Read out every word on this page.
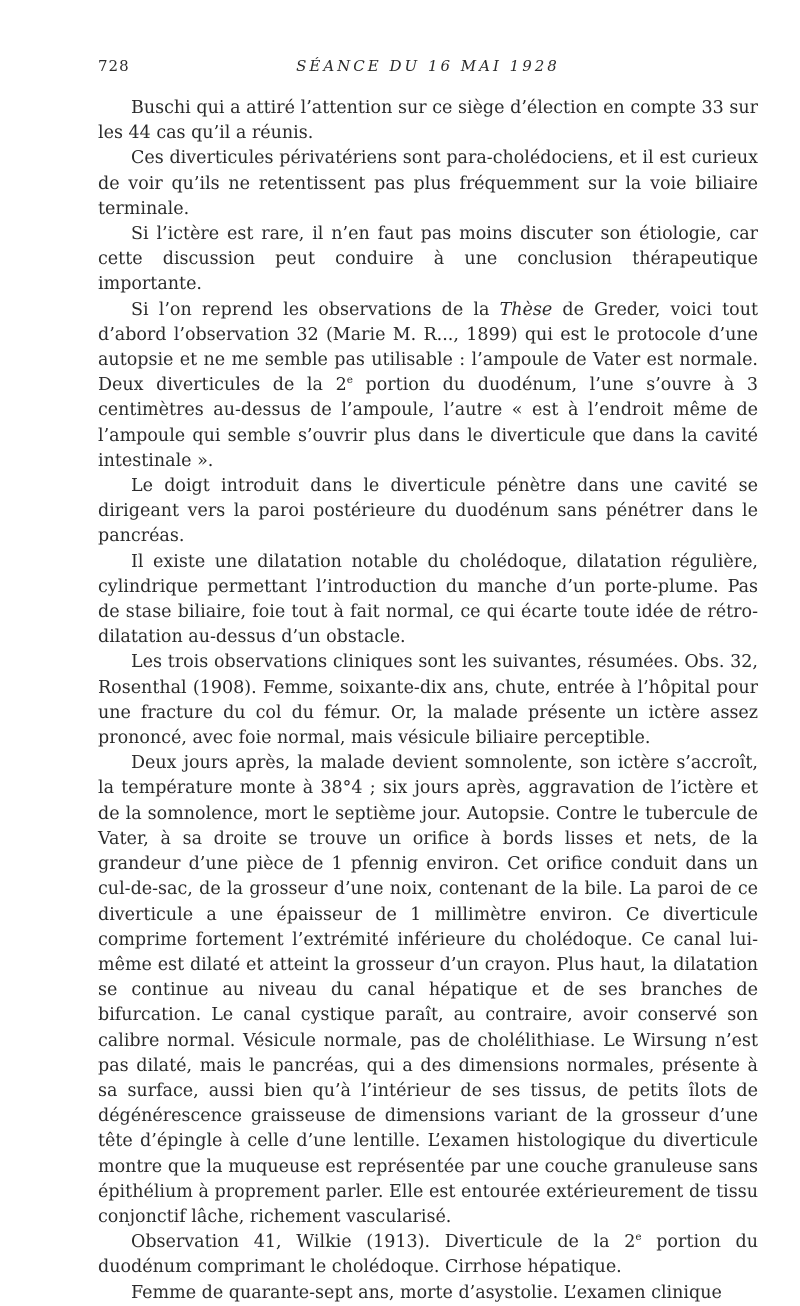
728	SÉANCE DU 16 MAI 1928

Buschi qui a attiré l’attention sur ce siège d’élection en compte 33 sur les 44 cas qu’il a réunis.

Ces diverticules périvatériens sont para-cholédociens, et il est curieux de voir qu’ils ne retentissent pas plus fréquemment sur la voie biliaire terminale.

Si l’ictère est rare, il n’en faut pas moins discuter son étiologie, car cette discussion peut conduire à une conclusion thérapeutique importante.

Si l’on reprend les observations de la Thèse de Greder, voici tout d’abord l’observation 32 (Marie M. R..., 1899) qui est le protocole d’une autopsie et ne me semble pas utilisable : l’ampoule de Vater est normale. Deux diverticules de la 2e portion du duodénum, l’une s’ouvre à 3 centimètres au-dessus de l’ampoule, l’autre « est à l’endroit même de l’ampoule qui semble s’ouvrir plus dans le diverticule que dans la cavité intestinale ».

Le doigt introduit dans le diverticule pénètre dans une cavité se dirigeant vers la paroi postérieure du duodénum sans pénétrer dans le pancréas.

Il existe une dilatation notable du cholédoque, dilatation régulière, cylindrique permettant l’introduction du manche d’un porte-plume. Pas de stase biliaire, foie tout à fait normal, ce qui écarte toute idée de rétro-dilatation au-dessus d’un obstacle.

Les trois observations cliniques sont les suivantes, résumées. Obs. 32, Rosenthal (1908). Femme, soixante-dix ans, chute, entrée à l’hôpital pour une fracture du col du fémur. Or, la malade présente un ictère assez prononcé, avec foie normal, mais vésicule biliaire perceptible.

Deux jours après, la malade devient somnolente, son ictère s’accroît, la température monte à 38°4 ; six jours après, aggravation de l’ictère et de la somnolence, mort le septième jour. Autopsie. Contre le tubercule de Vater, à sa droite se trouve un orifice à bords lisses et nets, de la grandeur d’une pièce de 1 pfennig environ. Cet orifice conduit dans un cul-de-sac, de la grosseur d’une noix, contenant de la bile. La paroi de ce diverticule a une épaisseur de 1 millimètre environ. Ce diverticule comprime fortement l’extrémité inférieure du cholédoque. Ce canal lui-même est dilaté et atteint la grosseur d’un crayon. Plus haut, la dilatation se continue au niveau du canal hépatique et de ses branches de bifurcation. Le canal cystique paraît, au contraire, avoir conservé son calibre normal. Vésicule normale, pas de cholélithiase. Le Wirsung n’est pas dilaté, mais le pancréas, qui a des dimensions normales, présente à sa surface, aussi bien qu’à l’intérieur de ses tissus, de petits îlots de dégénérescence graisseuse de dimensions variant de la grosseur d’une tête d’épingle à celle d’une lentille. L’examen histologique du diverticule montre que la muqueuse est représentée par une couche granuleuse sans épithélium à proprement parler. Elle est entourée extérieurement de tissu conjonctif lâche, richement vascularisé.

Observation 41, Wilkie (1913). Diverticule de la 2e portion du duodénum comprimant le cholédoque. Cirrhose hépatique.

Femme de quarante-sept ans, morte d’asystolie. L’examen clinique
